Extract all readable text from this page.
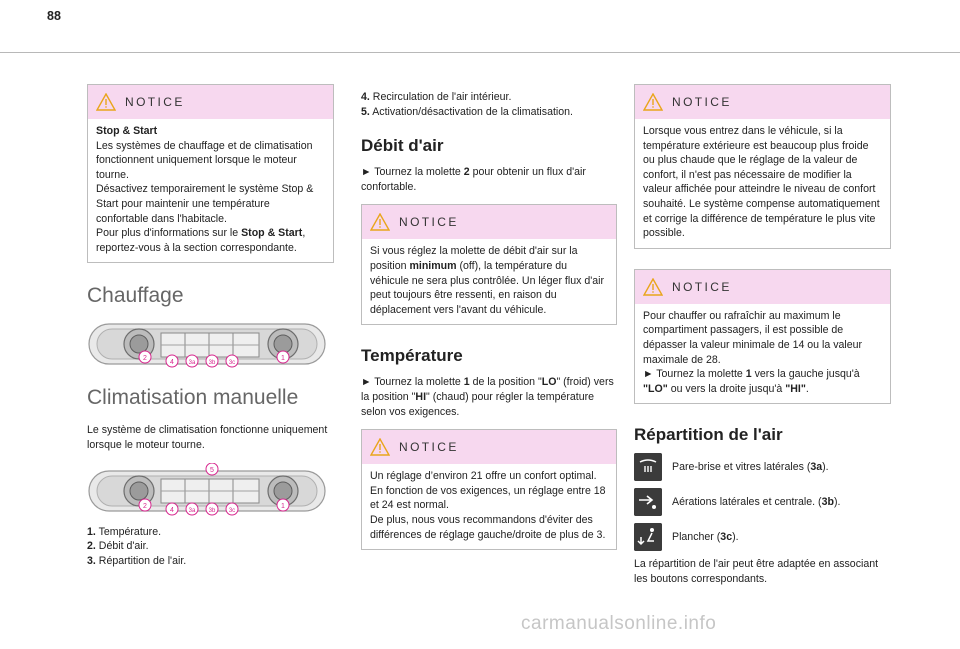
88
NOTICE

Stop & Start

Les systèmes de chauffage et de climatisation fonctionnent uniquement lorsque le moteur tourne.

Désactivez temporairement le système Stop & Start pour maintenir une température confortable dans l'habitacle.

Pour plus d'informations sur le Stop & Start, reportez-vous à la section correspondante.

Chauffage
2
4 3a 3b 3c
1
Climatisation manuelle

Le système de climatisation fonctionne uniquement lorsque le moteur tourne.

5
2
4 3a 3b 3c
1

1. Température.

2. Débit d'air.

3. Répartition de l'air.

4. Recirculation de l'air intérieur.

5. Activation/désactivation de la climatisation.

Débit d'air

► Tournez la molette 2 pour obtenir un flux d'air confortable.

NOTICE

Si vous réglez la molette de débit d'air sur la position minimum (off), la température du véhicule ne sera plus contrôlée. Un léger flux d'air peut toujours être ressenti, en raison du déplacement vers l'avant du véhicule.

Température

► Tournez la molette 1 de la position "LO" (froid) vers la position "HI" (chaud) pour régler la température selon vos exigences.

NOTICE

Un réglage d’environ 21 offre un confort optimal. En fonction de vos exigences, un réglage entre 18 et 24 est normal.

De plus, nous vous recommandons d'éviter des différences de réglage gauche/droite de plus de 3.

NOTICE

Lorsque vous entrez dans le véhicule, si la température extérieure est beaucoup plus froide ou plus chaude que le réglage de la valeur de confort, il n'est pas nécessaire de modifier la valeur affichée pour atteindre le niveau de confort souhaité. Le système compense automatiquement et corrige la différence de température le plus vite possible.

NOTICE

Pour chauffer ou rafraîchir au maximum le compartiment passagers, il est possible de dépasser la valeur minimale de 14 ou la valeur maximale de 28.

► Tournez la molette 1 vers la gauche jusqu'à "LO" ou vers la droite jusqu'à "HI".

Répartition de l'air
Pare-brise et vitres latérales (3a).
Aérations latérales et centrale. (3b).
Plancher (3c).

La répartition de l'air peut être adaptée en associant les boutons correspondants.

carmanualsonline.info
